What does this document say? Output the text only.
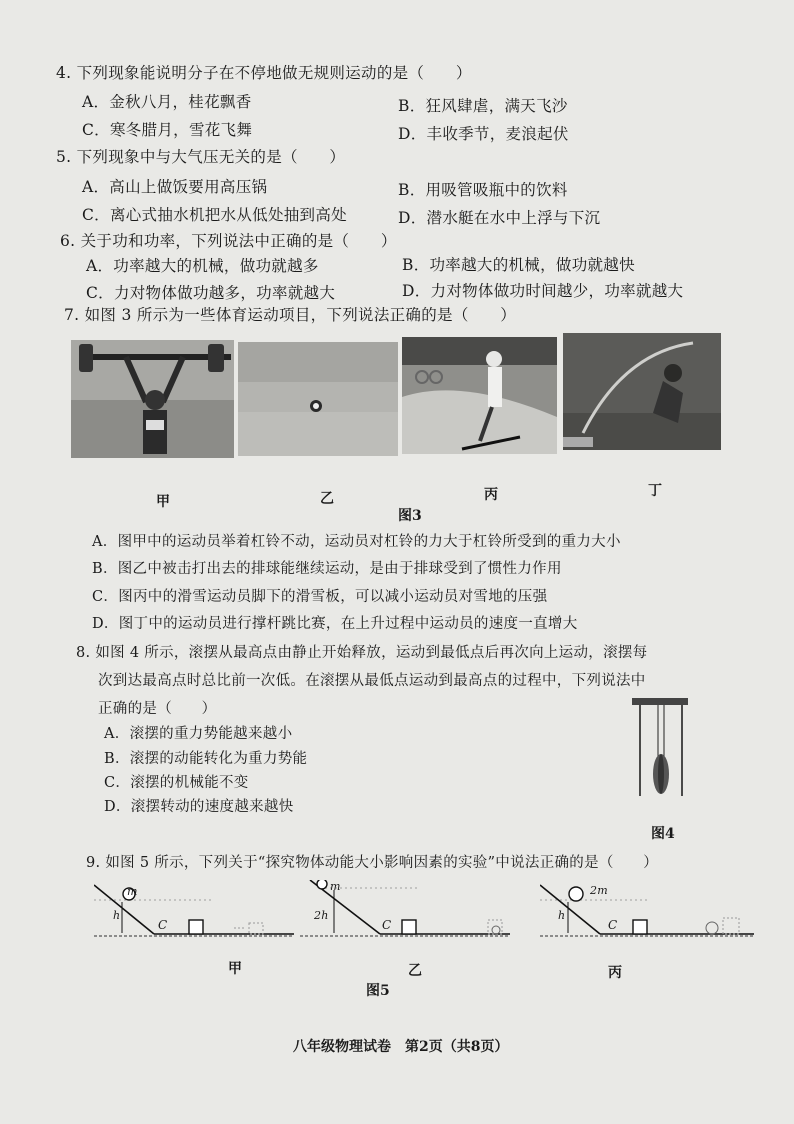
4. 下列现象能说明分子在不停地做无规则运动的是（　　）
A．金秋八月，桂花飘香	B．狂风肆虐，满天飞沙
C．寒冬腊月，雪花飞舞	D．丰收季节，麦浪起伏
5. 下列现象中与大气压无关的是（　　）
A．高山上做饭要用高压锅	B．用吸管吸瓶中的饮料
C．离心式抽水机把水从低处抽到高处	D．潜水艇在水中上浮与下沉
6. 关于功和功率，下列说法中正确的是（　　）
A．功率越大的机械，做功就越多	B．功率越大的机械，做功就越快
C．力对物体做功越多，功率就越大	D．力对物体做功时间越少，功率就越大
7. 如图 3 所示为一些体育运动项目，下列说法正确的是（　　）
甲	乙	丙	丁
图3
A．图甲中的运动员举着杠铃不动，运动员对杠铃的力大于杠铃所受到的重力大小
B．图乙中被击打出去的排球能继续运动，是由于排球受到了惯性力作用
C．图丙中的滑雪运动员脚下的滑雪板，可以减小运动员对雪地的压强
D．图丁中的运动员进行撑杆跳比赛，在上升过程中运动员的速度一直增大
8. 如图 4 所示，滚摆从最高点由静止开始释放，运动到最低点后再次向上运动，滚摆每
次到达最高点时总比前一次低。在滚摆从最低点运动到最高点的过程中，下列说法中
正确的是（　　）
A．滚摆的重力势能越来越小
B．滚摆的动能转化为重力势能
C．滚摆的机械能不变
D．滚摆转动的速度越来越快
图4
9. 如图 5 所示，下列关于“探究物体动能大小影响因素的实验”中说法正确的是（　　）
m
h
C
m
2h
C
2m
h
C
甲	乙	丙
图5
八年级物理试卷　第2页（共8页）
